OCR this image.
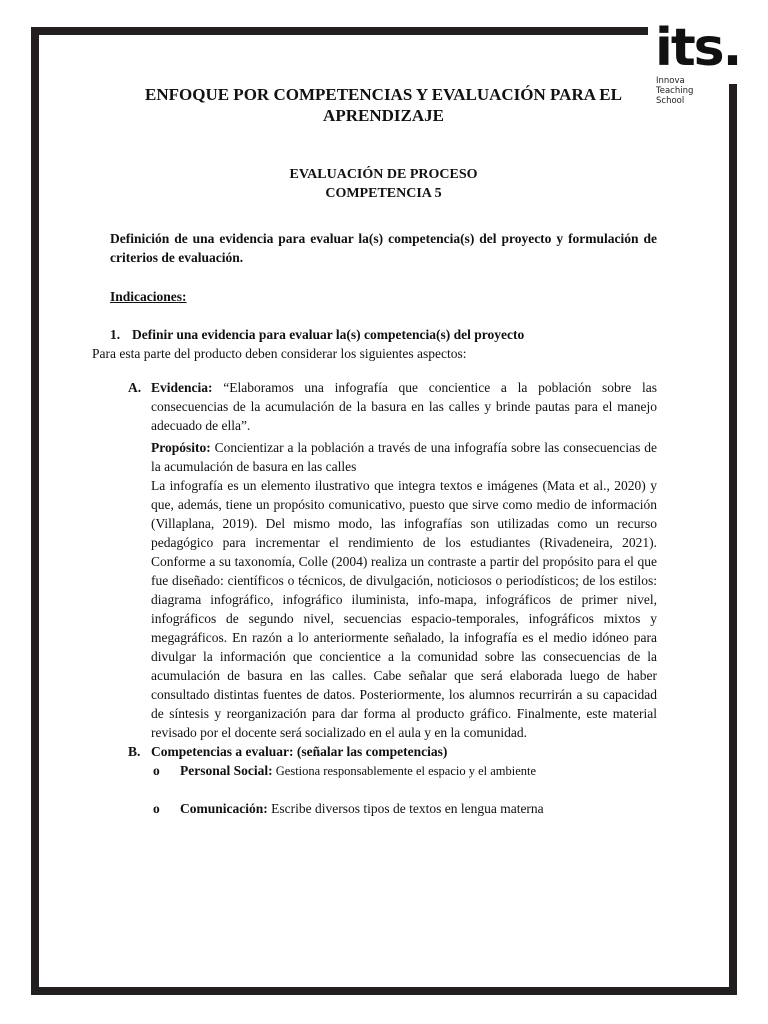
its.
Innova
Teaching
School

ENFOQUE POR COMPETENCIAS Y EVALUACIÓN PARA EL APRENDIZAJE

EVALUACIÓN DE PROCESO
COMPETENCIA 5
Definición de una evidencia para evaluar la(s) competencia(s) del proyecto y formulación de criterios de evaluación.
Indicaciones:
1. Definir una evidencia para evaluar la(s) competencia(s) del proyecto
Para esta parte del producto deben considerar los siguientes aspectos:
A. Evidencia: “Elaboramos una infografía que concientice a la población sobre las consecuencias de la acumulación de la basura en las calles y brinde pautas para el manejo adecuado de ella”.
Propósito: Concientizar a la población a través de una infografía sobre las consecuencias de la acumulación de basura en las calles
La infografía es un elemento ilustrativo que integra textos e imágenes (Mata et al., 2020) y que, además, tiene un propósito comunicativo, puesto que sirve como medio de información (Villaplana, 2019). Del mismo modo, las infografías son utilizadas como un recurso pedagógico para incrementar el rendimiento de los estudiantes (Rivadeneira, 2021). Conforme a su taxonomía, Colle (2004) realiza un contraste a partir del propósito para el que fue diseñado: científicos o técnicos, de divulgación, noticiosos o periodísticos; de los estilos: diagrama infográfico, infográfico iluminista, info-mapa, infográficos de primer nivel, infográficos de segundo nivel, secuencias espacio-temporales, infográficos mixtos y megagráficos. En razón a lo anteriormente señalado, la infografía es el medio idóneo para divulgar la información que concientice a la comunidad sobre las consecuencias de la acumulación de basura en las calles. Cabe señalar que será elaborada luego de haber consultado distintas fuentes de datos. Posteriormente, los alumnos recurrirán a su capacidad de síntesis y reorganización para dar forma al producto gráfico. Finalmente, este material revisado por el docente será socializado en el aula y en la comunidad.
B. Competencias a evaluar: (señalar las competencias)
o	Personal Social: Gestiona responsablemente el espacio y el ambiente
o	Comunicación: Escribe diversos tipos de textos en lengua materna
